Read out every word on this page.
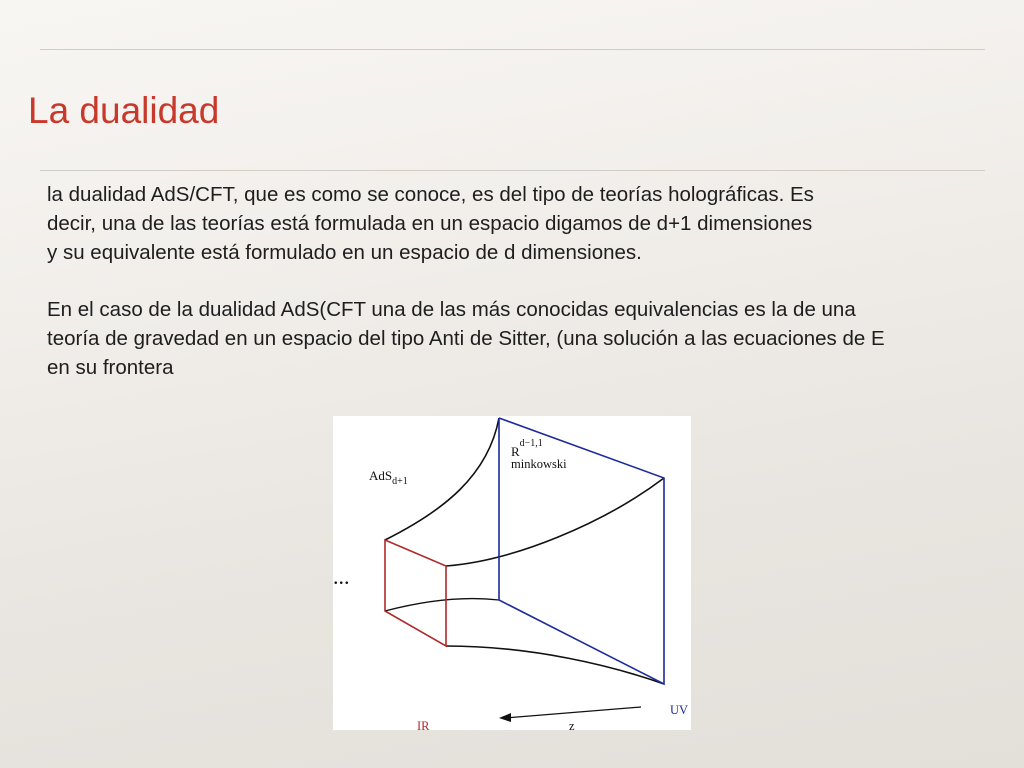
La dualidad

la dualidad AdS/CFT, que es como se conoce, es del tipo de teorías holográficas. Es

decir, una de las teorías está formulada en un espacio digamos de d+1 dimensiones

y su equivalente está formulado en un espacio de d dimensiones.

En el caso de la dualidad AdS(CFT una de las más conocidas equivalencias es la de una

teoría de gravedad en un espacio del tipo Anti de Sitter, (una solución a las ecuaciones de E

en su frontera

AdS$_{d+1}$
$R^{d-1,1}$
minkowski
...
IR	z
UV
